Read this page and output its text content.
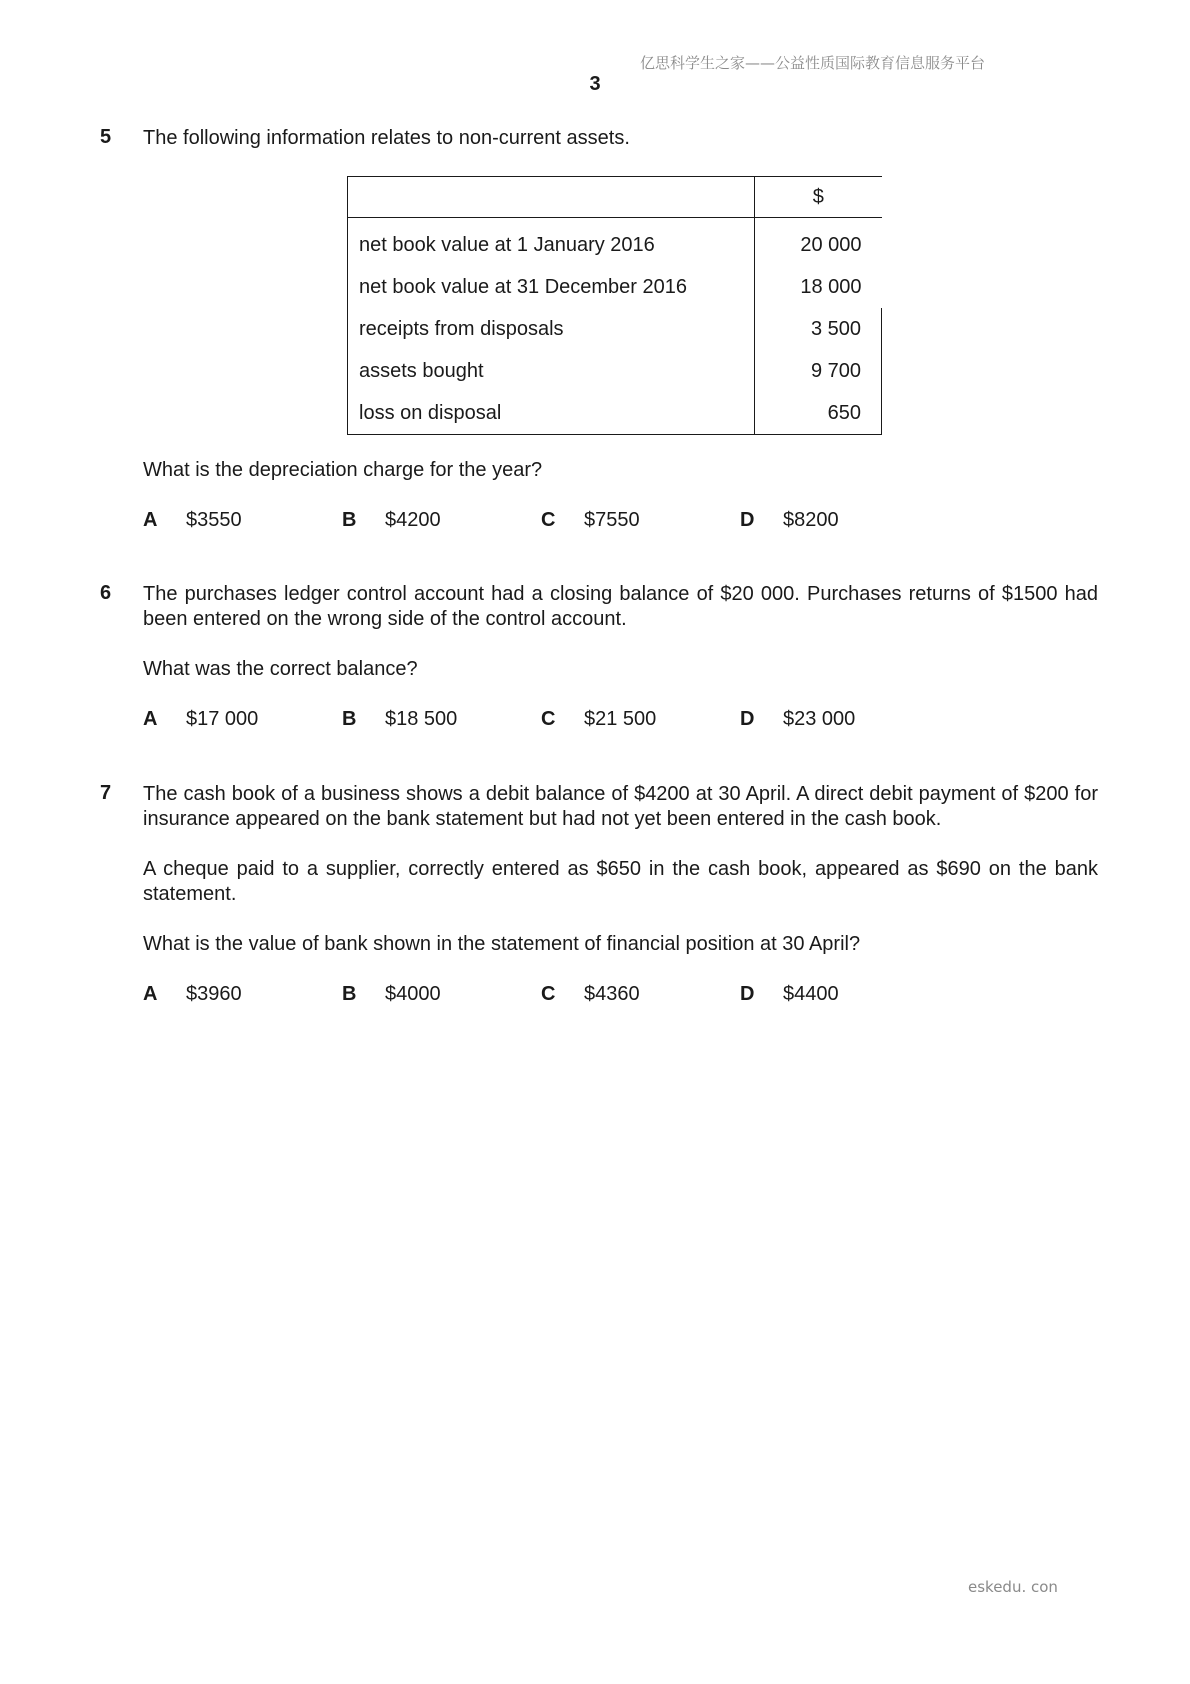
亿思科学生之家——公益性质国际教育信息服务平台
3
5 The following information relates to non-current assets.

	$
net book value at 1 January 2016	20 000
net book value at 31 December 2016	18 000
receipts from disposals	3 500
assets bought	9 700
loss on disposal	650

What is the depreciation charge for the year?

A $3550	B $4200	C $7550	D $8200
6 The purchases ledger control account had a closing balance of $20 000. Purchases returns of $1500 had been entered on the wrong side of the control account.

What was the correct balance?

A $17 000	B $18 500	C $21 500	D $23 000
7 The cash book of a business shows a debit balance of $4200 at 30 April. A direct debit payment of $200 for insurance appeared on the bank statement but had not yet been entered in the cash book.

A cheque paid to a supplier, correctly entered as $650 in the cash book, appeared as $690 on the bank statement.

What is the value of bank shown in the statement of financial position at 30 April?

A $3960	B $4000	C $4360	D $4400
eskedu. con
